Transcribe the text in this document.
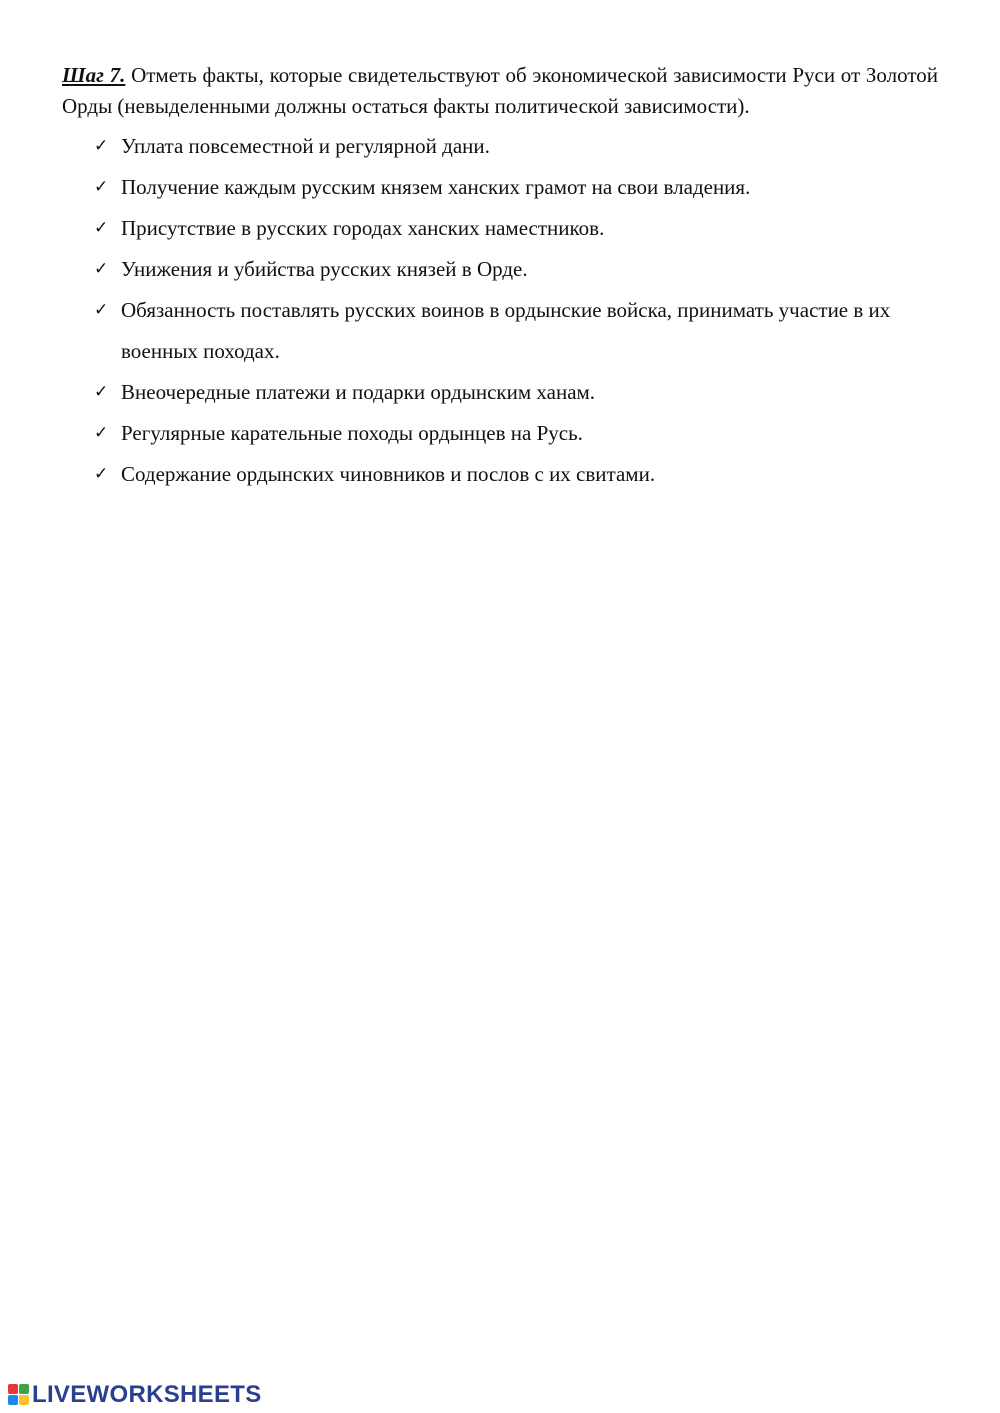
Шаг 7. Отметь факты, которые свидетельствуют об экономической зависимости Руси от Золотой Орды (невыделенными должны остаться факты политической зависимости).
✓ Уплата повсеместной и регулярной дани.
✓ Получение каждым русским князем ханских грамот на свои владения.
✓ Присутствие в русских городах ханских наместников.
✓ Унижения и убийства русских князей в Орде.
✓ Обязанность поставлять русских воинов в ордынские войска, принимать участие в их военных походах.
✓ Внеочередные платежи и подарки ордынским ханам.
✓ Регулярные карательные походы ордынцев на Русь.
✓ Содержание ордынских чиновников и послов с их свитами.
LIVEWORKSHEETS
